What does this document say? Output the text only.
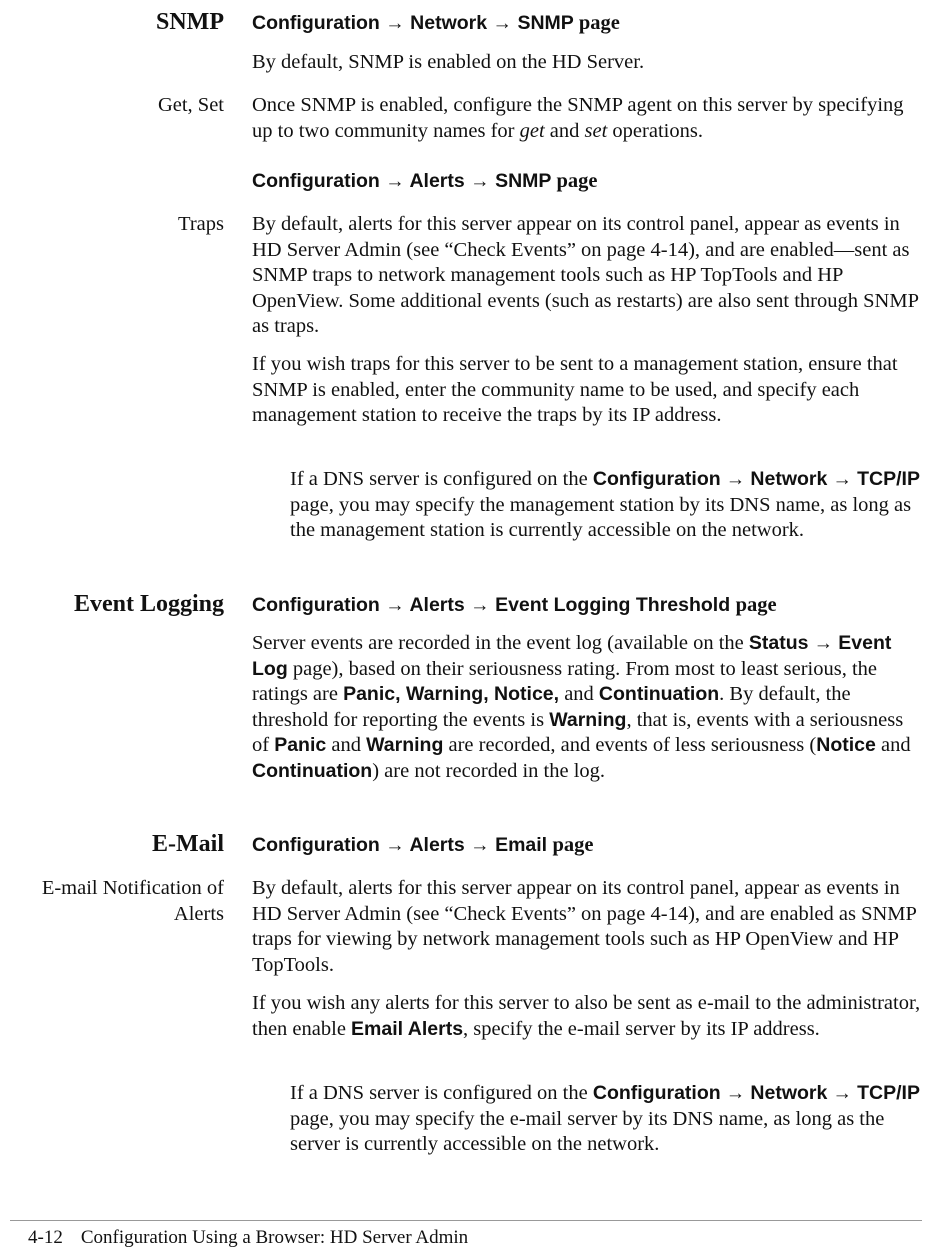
SNMP Configuration → Network → SNMP page

By default, SNMP is enabled on the HD Server.

Get, Set Once SNMP is enabled, configure the SNMP agent on this server by specifying up to two community names for get and set operations.

Configuration → Alerts → SNMP page
Traps By default, alerts for this server appear on its control panel, appear as events in HD Server Admin (see “Check Events” on page 4-14), and are enabled—sent as SNMP traps to network management tools such as HP TopTools and HP OpenView. Some additional events (such as restarts) are also sent through SNMP as traps.

If you wish traps for this server to be sent to a management station, ensure that SNMP is enabled, enter the community name to be used, and specify each management station to receive the traps by its IP address.

If a DNS server is configured on the Configuration → Network → TCP/IP page, you may specify the management station by its DNS name, as long as the management station is currently accessible on the network.

Event Logging Configuration → Alerts → Event Logging Threshold page

Server events are recorded in the event log (available on the Status → Event Log page), based on their seriousness rating. From most to least serious, the ratings are Panic, Warning, Notice, and Continuation. By default, the threshold for reporting the events is Warning, that is, events with a seriousness of Panic and Warning are recorded, and events of less seriousness (Notice and Continuation) are not recorded in the log.

E-Mail Configuration → Alerts → Email page
E-mail Notification of Alerts

By default, alerts for this server appear on its control panel, appear as events in HD Server Admin (see “Check Events” on page 4-14), and are enabled as SNMP traps for viewing by network management tools such as HP OpenView and HP TopTools.

If you wish any alerts for this server to also be sent as e-mail to the administrator, then enable Email Alerts, specify the e-mail server by its IP address.

If a DNS server is configured on the Configuration → Network → TCP/IP page, you may specify the e-mail server by its DNS name, as long as the server is currently accessible on the network.

4-12 Configuration Using a Browser: HD Server Admin
